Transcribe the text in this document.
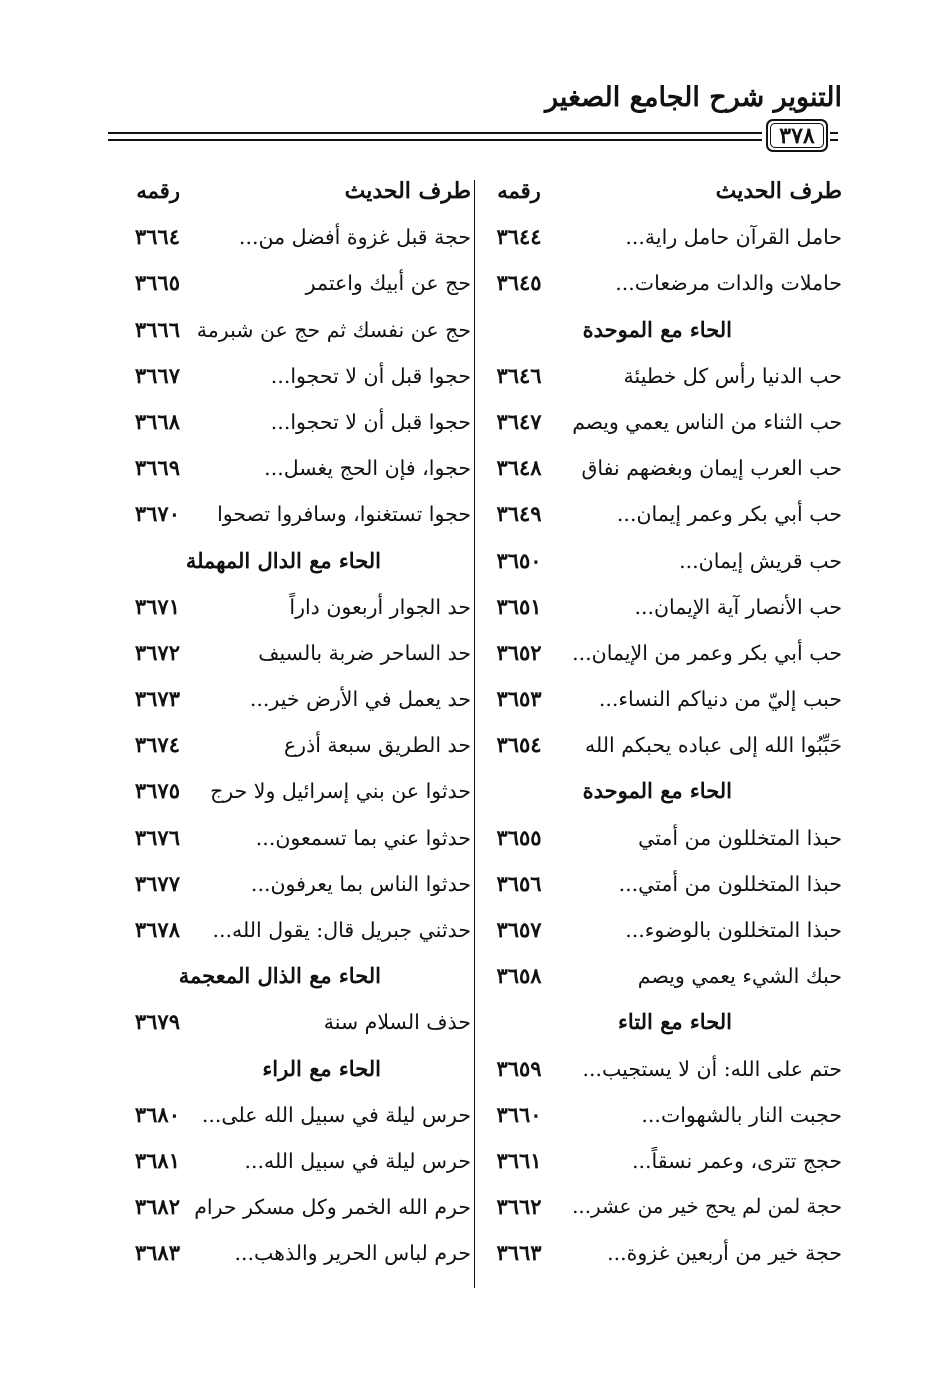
التنوير شرح الجامع الصغير
٣٧٨
طرف الحديث
رقمه
حامل القرآن حامل راية...
٣٦٤٤
حاملات والدات مرضعات...
٣٦٤٥
الحاء مع الموحدة
حب الدنيا رأس كل خطيئة
٣٦٤٦
حب الثناء من الناس يعمي ويصم
٣٦٤٧
حب العرب إيمان وبغضهم نفاق
٣٦٤٨
حب أبي بكر وعمر إيمان...
٣٦٤٩
حب قريش إيمان...
٣٦٥٠
حب الأنصار آية الإيمان...
٣٦٥١
حب أبي بكر وعمر من الإيمان...
٣٦٥٢
حبب إليّ من دنياكم النساء...
٣٦٥٣
حَبِّبُوا الله إلى عباده يحبكم الله
٣٦٥٤
الحاء مع الموحدة
حبذا المتخللون من أمتي
٣٦٥٥
حبذا المتخللون من أمتي...
٣٦٥٦
حبذا المتخللون بالوضوء...
٣٦٥٧
حبك الشيء يعمي ويصم
٣٦٥٨
الحاء مع التاء
حتم على الله: أن لا يستجيب...
٣٦٥٩
حجبت النار بالشهوات...
٣٦٦٠
حجج تترى، وعمر نسقاً...
٣٦٦١
حجة لمن لم يحج خير من عشر...
٣٦٦٢
حجة خير من أربعين غزوة...
٣٦٦٣
طرف الحديث
رقمه
حجة قبل غزوة أفضل من...
٣٦٦٤
حج عن أبيك واعتمر
٣٦٦٥
حج عن نفسك ثم حج عن شبرمة
٣٦٦٦
حجوا قبل أن لا تحجوا...
٣٦٦٧
حجوا قبل أن لا تحجوا...
٣٦٦٨
حجوا، فإن الحج يغسل...
٣٦٦٩
حجوا تستغنوا، وسافروا تصحوا
٣٦٧٠
الحاء مع الدال المهملة
حد الجوار أربعون داراً
٣٦٧١
حد الساحر ضربة بالسيف
٣٦٧٢
حد يعمل في الأرض خير...
٣٦٧٣
حد الطريق سبعة أذرع
٣٦٧٤
حدثوا عن بني إسرائيل ولا حرج
٣٦٧٥
حدثوا عني بما تسمعون...
٣٦٧٦
حدثوا الناس بما يعرفون...
٣٦٧٧
حدثني جبريل قال: يقول الله...
٣٦٧٨
الحاء مع الذال المعجمة
حذف السلام سنة
٣٦٧٩
الحاء مع الراء
حرس ليلة في سبيل الله على...
٣٦٨٠
حرس ليلة في سبيل الله...
٣٦٨١
حرم الله الخمر وكل مسكر حرام
٣٦٨٢
حرم لباس الحرير والذهب...
٣٦٨٣
